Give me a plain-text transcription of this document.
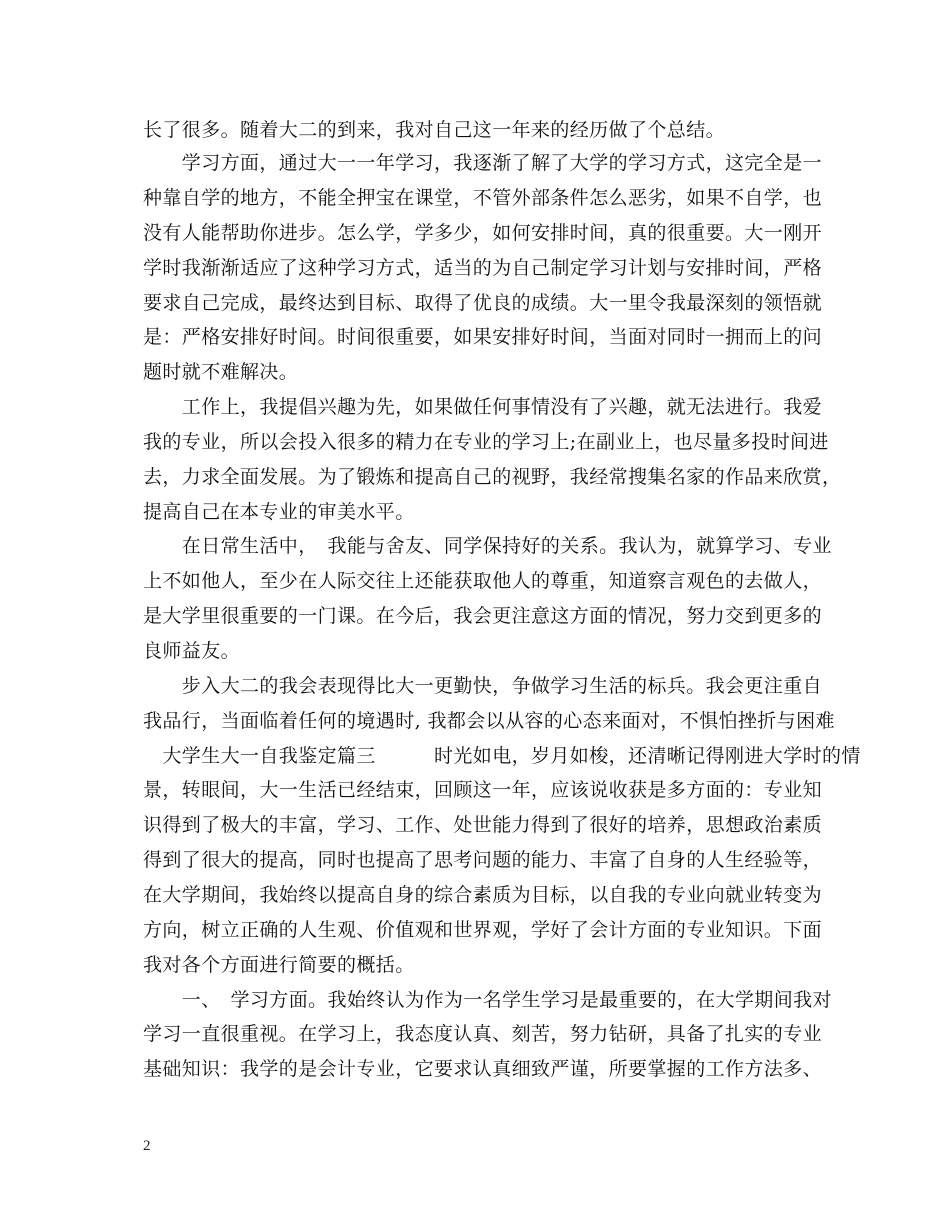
长了很多。随着大二的到来，我对自己这一年来的经历做了个总结。
　　学习方面，通过大一一年学习，我逐渐了解了大学的学习方式，这完全是一
种靠自学的地方，不能全押宝在课堂，不管外部条件怎么恶劣，如果不自学，也
没有人能帮助你进步。怎么学，学多少，如何安排时间，真的很重要。大一刚开
学时我渐渐适应了这种学习方式，适当的为自己制定学习计划与安排时间，严格
要求自己完成，最终达到目标、取得了优良的成绩。大一里令我最深刻的领悟就
是：严格安排好时间。时间很重要，如果安排好时间，当面对同时一拥而上的问
题时就不难解决。
　　工作上，我提倡兴趣为先，如果做任何事情没有了兴趣，就无法进行。我爱
我的专业，所以会投入很多的精力在专业的学习上;在副业上，也尽量多投时间进
去，力求全面发展。为了锻炼和提高自己的视野，我经常搜集名家的作品来欣赏，
提高自己在本专业的审美水平。
　　在日常生活中，　我能与舍友、同学保持好的关系。我认为，就算学习、专业
上不如他人，至少在人际交往上还能获取他人的尊重，知道察言观色的去做人，
是大学里很重要的一门课。在今后，我会更注意这方面的情况，努力交到更多的
良师益友。
　　步入大二的我会表现得比大一更勤快，争做学习生活的标兵。我会更注重自
我品行，当面临着任何的境遇时, 我都会以从容的心态来面对，不惧怕挫折与困难
　大学生大一自我鉴定篇三　　　时光如电，岁月如梭，还清晰记得刚进大学时的情
景，转眼间，大一生活已经结束，回顾这一年，应该说收获是多方面的：专业知
识得到了极大的丰富，学习、工作、处世能力得到了很好的培养，思想政治素质
得到了很大的提高，同时也提高了思考问题的能力、丰富了自身的人生经验等，
在大学期间，我始终以提高自身的综合素质为目标，以自我的专业向就业转变为
方向，树立正确的人生观、价值观和世界观，学好了会计方面的专业知识。下面
我对各个方面进行简要的概括。
　　一、　学习方面。我始终认为作为一名学生学习是最重要的，在大学期间我对
学习一直很重视。在学习上，我态度认真、刻苦，努力钻研，具备了扎实的专业
基础知识：我学的是会计专业，它要求认真细致严谨，所要掌握的工作方法多、
2
